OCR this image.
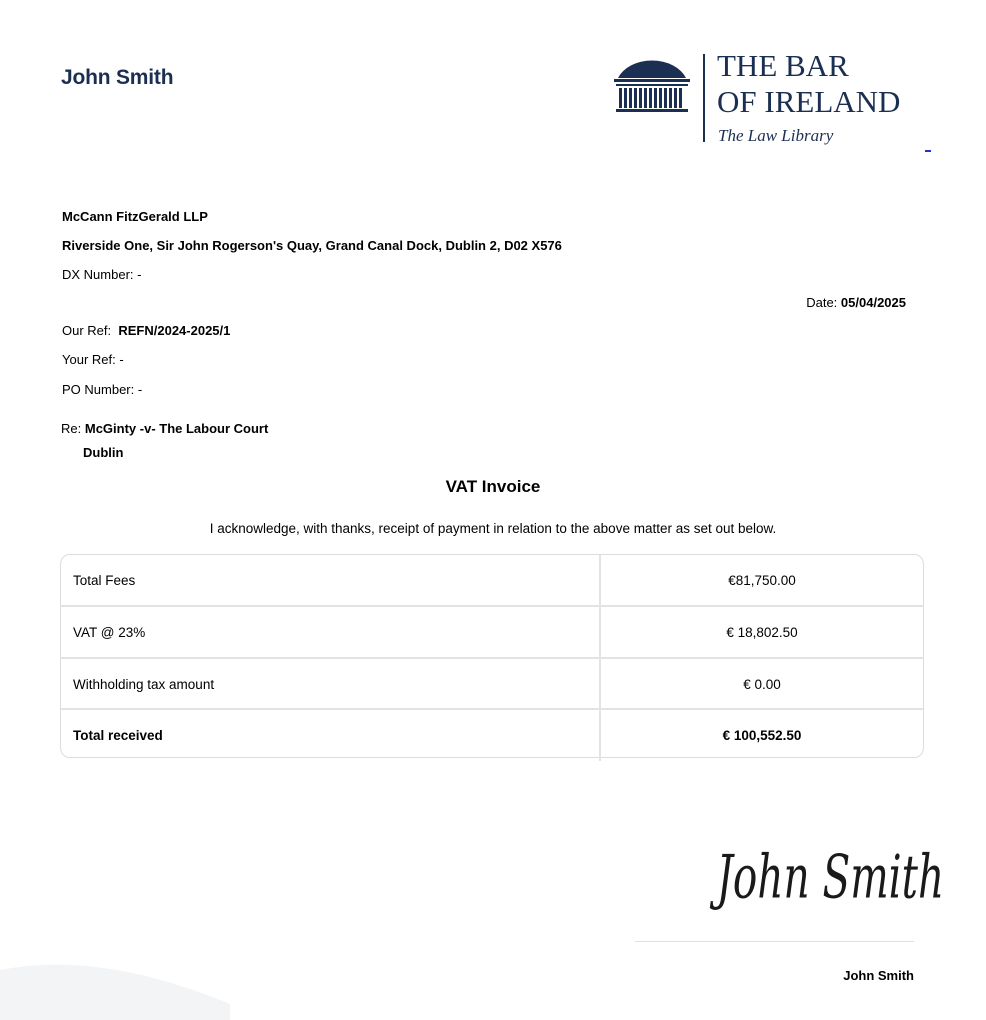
John Smith	THE BAR
OF IRELAND
The Law Library
McCann FitzGerald LLP
Riverside One, Sir John Rogerson's Quay, Grand Canal Dock, Dublin 2, D02 X576
DX Number: -
Date: 05/04/2025
Our Ref: REFN/2024-2025/1
Your Ref: -
PO Number: -
Re: McGinty -v- The Labour Court
Dublin
VAT Invoice
I acknowledge, with thanks, receipt of payment in relation to the above matter as set out below.
Total Fees	€81,750.00
VAT @ 23%	€ 18,802.50
Withholding tax amount	€ 0.00
Total received	€ 100,552.50
John Smith
John Smith
